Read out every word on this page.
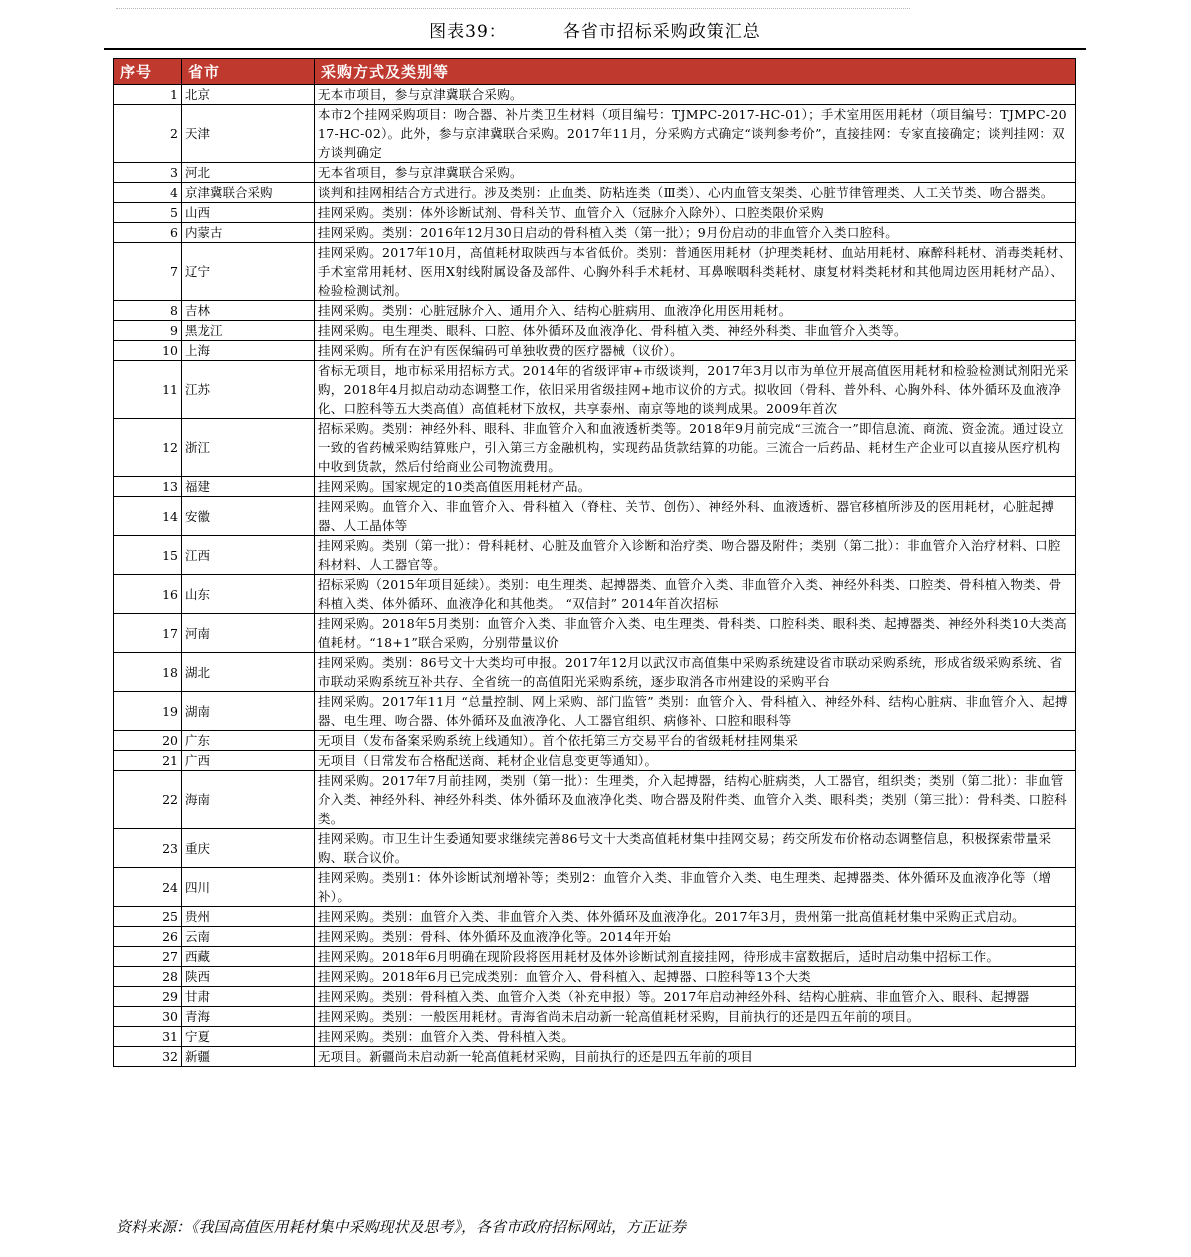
图表39：	各省市招标采购政策汇总
序号	省市	采购方式及类别等
1	北京	无本市项目，参与京津冀联合采购。
2	天津	本市2个挂网采购项目：吻合器、补片类卫生材料（项目编号：TJMPC-2017-HC-01）；手术室用医用耗材（项目编号：TJMPC-2017-HC-02）。此外，参与京津冀联合采购。2017年11月，分采购方式确定“谈判参考价”，直接挂网：专家直接确定；谈判挂网：双方谈判确定
3	河北	无本省项目，参与京津冀联合采购。
4	京津冀联合采购	谈判和挂网相结合方式进行。涉及类别：止血类、防粘连类（Ⅲ类）、心内血管支架类、心脏节律管理类、人工关节类、吻合器类。
5	山西	挂网采购。类别：体外诊断试剂、骨科关节、血管介入（冠脉介入除外）、口腔类限价采购
6	内蒙古	挂网采购。类别：2016年12月30日启动的骨科植入类（第一批）；9月份启动的非血管介入类口腔科。
7	辽宁	挂网采购。2017年10月，高值耗材取陕西与本省低价。类别：普通医用耗材（护理类耗材、血站用耗材、麻醉科耗材、消毒类耗材、手术室常用耗材、医用X射线附属设备及部件、心胸外科手术耗材、耳鼻喉咽科类耗材、康复材料类耗材和其他周边医用耗材产品）、检验检测试剂。
8	吉林	挂网采购。类别：心脏冠脉介入、通用介入、结构心脏病用、血液净化用医用耗材。
9	黑龙江	挂网采购。电生理类、眼科、口腔、体外循环及血液净化、骨科植入类、神经外科类、非血管介入类等。
10	上海	挂网采购。所有在沪有医保编码可单独收费的医疗器械（议价）。
11	江苏	省标无项目，地市标采用招标方式。2014年的省级评审+市级谈判，2017年3月以市为单位开展高值医用耗材和检验检测试剂阳光采购，2018年4月拟启动动态调整工作，依旧采用省级挂网+地市议价的方式。拟收回（骨科、普外科、心胸外科、体外循环及血液净化、口腔科等五大类高值）高值耗材下放权，共享泰州、南京等地的谈判成果。2009年首次
12	浙江	招标采购。类别：神经外科、眼科、非血管介入和血液透析类等。2018年9月前完成“三流合一”即信息流、商流、资金流。通过设立一致的省药械采购结算账户，引入第三方金融机构，实现药品货款结算的功能。三流合一后药品、耗材生产企业可以直接从医疗机构中收到货款，然后付给商业公司物流费用。
13	福建	挂网采购。国家规定的10类高值医用耗材产品。
14	安徽	挂网采购。血管介入、非血管介入、骨科植入（脊柱、关节、创伤）、神经外科、血液透析、器官移植所涉及的医用耗材，心脏起搏器、人工晶体等
15	江西	挂网采购。类别（第一批）：骨科耗材、心脏及血管介入诊断和治疗类、吻合器及附件；类别（第二批）：非血管介入治疗材料、口腔科材料、人工器官等。
16	山东	招标采购（2015年项目延续）。类别：电生理类、起搏器类、血管介入类、非血管介入类、神经外科类、口腔类、骨科植入物类、骨科植入类、体外循环、血液净化和其他类。 “双信封” 2014年首次招标
17	河南	挂网采购。2018年5月类别：血管介入类、非血管介入类、电生理类、骨科类、口腔科类、眼科类、起搏器类、神经外科类10大类高值耗材。“18+1”联合采购，分别带量议价
18	湖北	挂网采购。类别：86号文十大类均可申报。2017年12月以武汉市高值集中采购系统建设省市联动采购系统，形成省级采购系统、省市联动采购系统互补共存、全省统一的高值阳光采购系统，逐步取消各市州建设的采购平台
19	湖南	挂网采购。2017年11月 “总量控制、网上采购、部门监管” 类别：血管介入、骨科植入、神经外科、结构心脏病、非血管介入、起搏器、电生理、吻合器、体外循环及血液净化、人工器官组织、病修补、口腔和眼科等
20	广东	无项目（发布备案采购系统上线通知）。首个依托第三方交易平台的省级耗材挂网集采
21	广西	无项目（日常发布合格配送商、耗材企业信息变更等通知）。
22	海南	挂网采购。2017年7月前挂网，类别（第一批）：生理类，介入起搏器，结构心脏病类，人工器官，组织类；类别（第二批）：非血管介入类、神经外科、神经外科类、体外循环及血液净化类、吻合器及附件类、血管介入类、眼科类；类别（第三批）：骨科类、口腔科类。
23	重庆	挂网采购。市卫生计生委通知要求继续完善86号文十大类高值耗材集中挂网交易；药交所发布价格动态调整信息，积极探索带量采购、联合议价。
24	四川	挂网采购。类别1：体外诊断试剂增补等；类别2：血管介入类、非血管介入类、电生理类、起搏器类、体外循环及血液净化等（增补）。
25	贵州	挂网采购。类别：血管介入类、非血管介入类、体外循环及血液净化。2017年3月，贵州第一批高值耗材集中采购正式启动。
26	云南	挂网采购。类别：骨科、体外循环及血液净化等。2014年开始
27	西藏	挂网采购。2018年6月明确在现阶段将医用耗材及体外诊断试剂直接挂网，待形成丰富数据后，适时启动集中招标工作。
28	陕西	挂网采购。2018年6月已完成类别：血管介入、骨科植入、起搏器、口腔科等13个大类
29	甘肃	挂网采购。类别：骨科植入类、血管介入类（补充申报）等。2017年启动神经外科、结构心脏病、非血管介入、眼科、起搏器
30	青海	挂网采购。类别：一般医用耗材。青海省尚未启动新一轮高值耗材采购，目前执行的还是四五年前的项目。
31	宁夏	挂网采购。类别：血管介入类、骨科植入类。
32	新疆	无项目。新疆尚未启动新一轮高值耗材采购，目前执行的还是四五年前的项目
资料来源：《我国高值医用耗材集中采购现状及思考》，各省市政府招标网站，方正证券
